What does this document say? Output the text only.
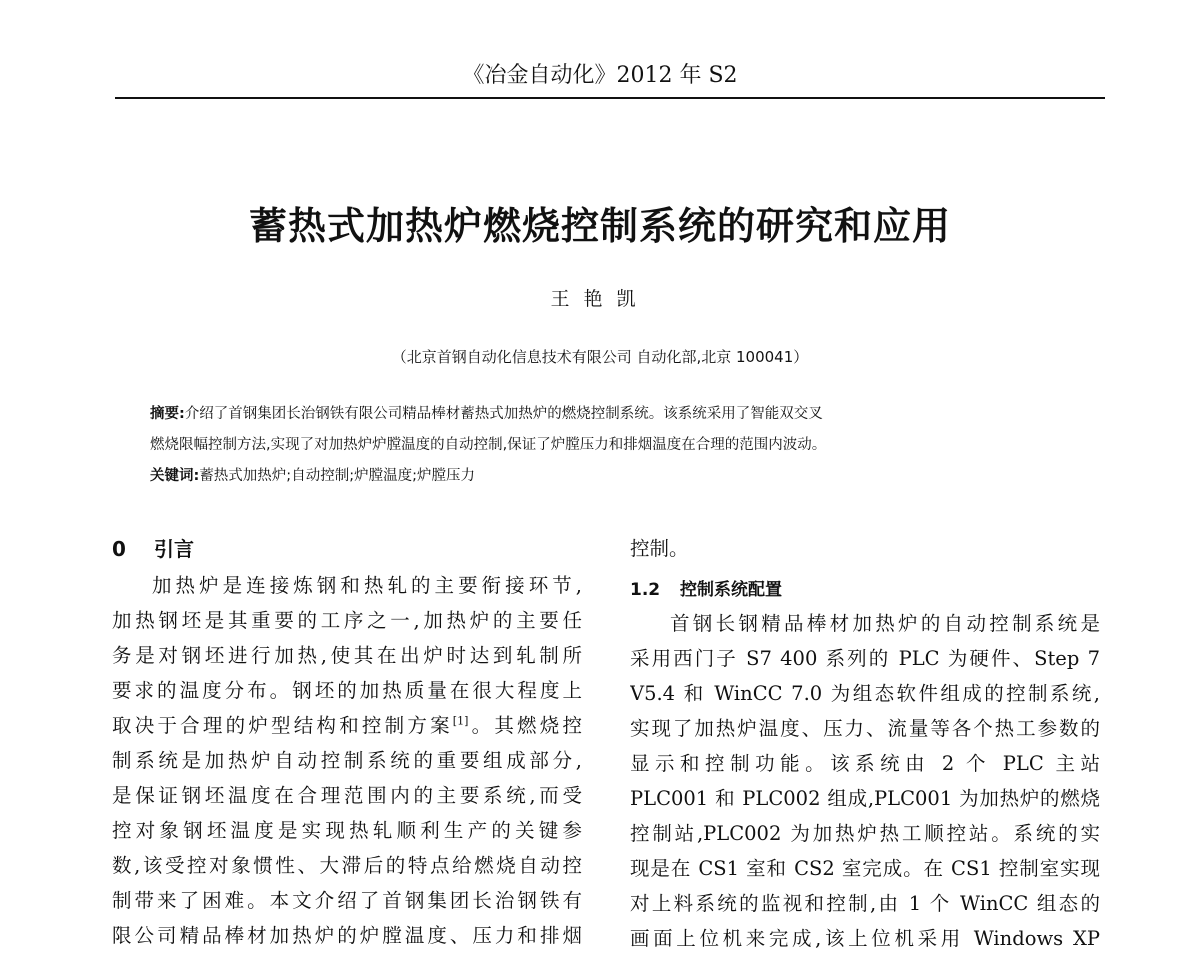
《冶金自动化》2012 年 S2
蓄热式加热炉燃烧控制系统的研究和应用
王艳凯
（北京首钢自动化信息技术有限公司 自动化部,北京 100041）
摘要:介绍了首钢集团长治钢铁有限公司精品棒材蓄热式加热炉的燃烧控制系统。该系统采用了智能双交叉
燃烧限幅控制方法,实现了对加热炉炉膛温度的自动控制,保证了炉膛压力和排烟温度在合理的范围内波动。
关键词:蓄热式加热炉;自动控制;炉膛温度;炉膛压力
0 引言
加热炉是连接炼钢和热轧的主要衔接环节,
加热钢坯是其重要的工序之一,加热炉的主要任
务是对钢坯进行加热,使其在出炉时达到轧制所
要求的温度分布。钢坯的加热质量在很大程度上
取决于合理的炉型结构和控制方案[1]。其燃烧控
制系统是加热炉自动控制系统的重要组成部分,
是保证钢坯温度在合理范围内的主要系统,而受
控对象钢坯温度是实现热轧顺利生产的关键参
数,该受控对象惯性、大滞后的特点给燃烧自动控
制带来了困难。本文介绍了首钢集团长治钢铁有
限公司精品棒材加热炉的炉膛温度、压力和排烟
控制。
1.2 控制系统配置
首钢长钢精品棒材加热炉的自动控制系统是
采用西门子 S7 400 系列的 PLC 为硬件、Step 7
V5.4 和 WinCC 7.0 为组态软件组成的控制系统,
实现了加热炉温度、压力、流量等各个热工参数的
显示和控制功能。该系统由 2 个 PLC 主站
PLC001 和 PLC002 组成,PLC001 为加热炉的燃烧
控制站,PLC002 为加热炉热工顺控站。系统的实
现是在 CS1 室和 CS2 室完成。在 CS1 控制室实现
对上料系统的监视和控制,由 1 个 WinCC 组态的
画面上位机来完成,该上位机采用 Windows XP
